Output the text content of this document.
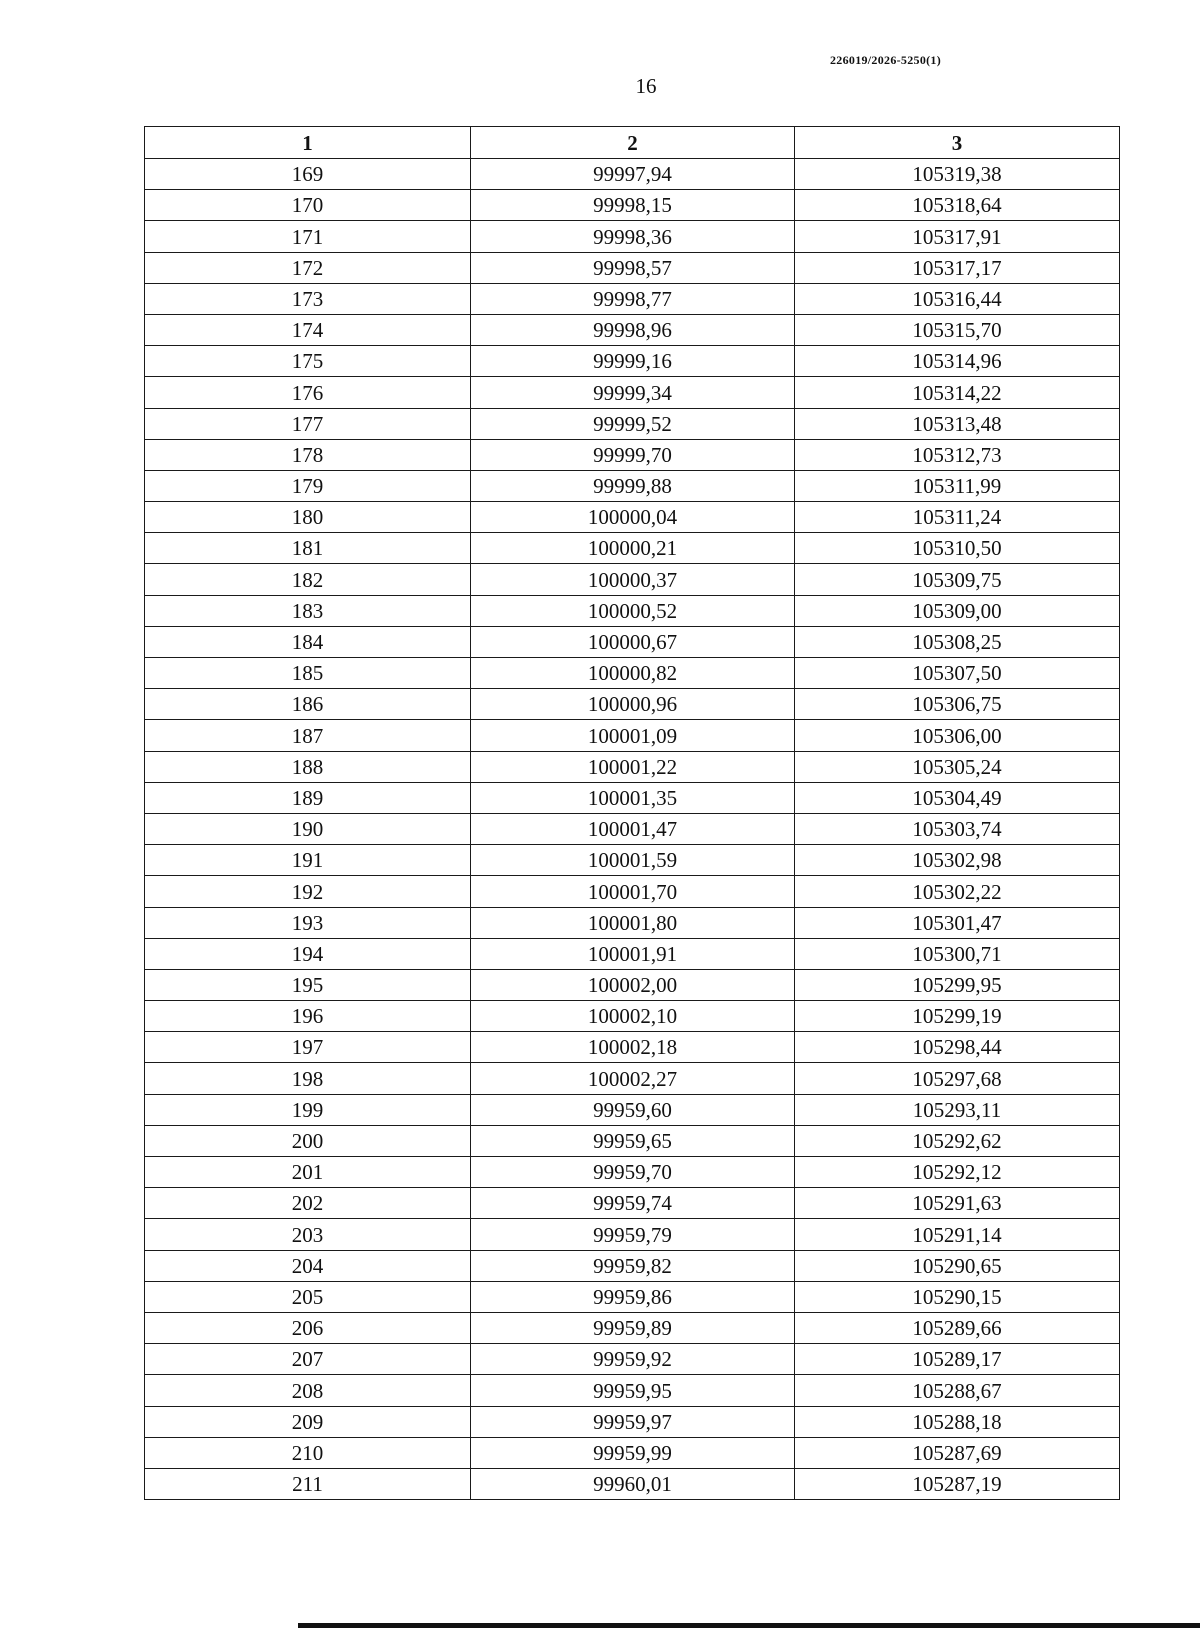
226019/2026-5250(1)
16
1	2	3
169	99997,94	105319,38
170	99998,15	105318,64
171	99998,36	105317,91
172	99998,57	105317,17
173	99998,77	105316,44
174	99998,96	105315,70
175	99999,16	105314,96
176	99999,34	105314,22
177	99999,52	105313,48
178	99999,70	105312,73
179	99999,88	105311,99
180	100000,04	105311,24
181	100000,21	105310,50
182	100000,37	105309,75
183	100000,52	105309,00
184	100000,67	105308,25
185	100000,82	105307,50
186	100000,96	105306,75
187	100001,09	105306,00
188	100001,22	105305,24
189	100001,35	105304,49
190	100001,47	105303,74
191	100001,59	105302,98
192	100001,70	105302,22
193	100001,80	105301,47
194	100001,91	105300,71
195	100002,00	105299,95
196	100002,10	105299,19
197	100002,18	105298,44
198	100002,27	105297,68
199	99959,60	105293,11
200	99959,65	105292,62
201	99959,70	105292,12
202	99959,74	105291,63
203	99959,79	105291,14
204	99959,82	105290,65
205	99959,86	105290,15
206	99959,89	105289,66
207	99959,92	105289,17
208	99959,95	105288,67
209	99959,97	105288,18
210	99959,99	105287,69
211	99960,01	105287,19
